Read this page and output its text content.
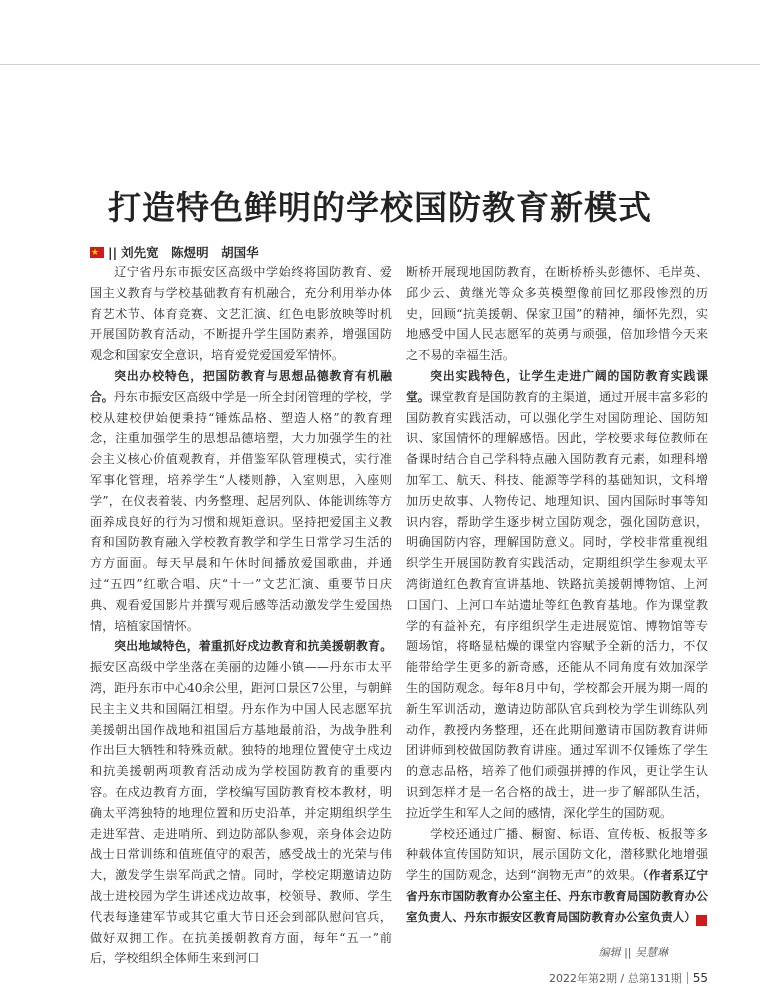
打造特色鲜明的学校国防教育新模式
★|| 刘先宽　陈煜明　胡国华

辽宁省丹东市振安区高级中学始终将国防教育、爱国主义教育与学校基础教育有机融合，充分利用举办体育艺术节、体育竞赛、文艺汇演、红色电影放映等时机开展国防教育活动，不断提升学生国防素养，增强国防观念和国家安全意识，培育爱党爱国爱军情怀。

突出办校特色，把国防教育与思想品德教育有机融合。丹东市振安区高级中学是一所全封闭管理的学校，学校从建校伊始便秉持“锤炼品格、塑造人格”的教育理念，注重加强学生的思想品德培塑，大力加强学生的社会主义核心价值观教育，并借鉴军队管理模式，实行准军事化管理，培养学生“人楼则静，入室则思，入座则学”，在仪表着装、内务整理、起居列队、体能训练等方面养成良好的行为习惯和规矩意识。坚持把爱国主义教育和国防教育融入学校教育教学和学生日常学习生活的方方面面。每天早晨和午休时间播放爱国歌曲，并通过“五四”红歌合唱、庆“十一”文艺汇演、重要节日庆典、观看爱国影片并撰写观后感等活动激发学生爱国热情，培植家国情怀。

突出地域特色，着重抓好戍边教育和抗美援朝教育。振安区高级中学坐落在美丽的边陲小镇——丹东市太平湾，距丹东市中心40余公里，距河口景区7公里，与朝鲜民主主义共和国隔江相望。丹东作为中国人民志愿军抗美援朝出国作战地和祖国后方基地最前沿，为战争胜利作出巨大牺牲和特殊贡献。独特的地理位置使守土戍边和抗美援朝两项教育活动成为学校国防教育的重要内容。在戍边教育方面，学校编写国防教育校本教材，明确太平湾独特的地理位置和历史沿革，并定期组织学生走进军营、走进哨所、到边防部队参观，亲身体会边防战士日常训练和值班值守的艰苦，感受战士的光荣与伟大，激发学生崇军尚武之情。同时，学校定期邀请边防战士进校园为学生讲述戍边故事，校领导、教师、学生代表每逢建军节或其它重大节日还会到部队慰问官兵，做好双拥工作。在抗美援朝教育方面，每年“五一”前后，学校组织全体师生来到河口

断桥开展现地国防教育，在断桥桥头彭德怀、毛岸英、邱少云、黄继光等众多英模塑像前回忆那段惨烈的历史，回顾“抗美援朝、保家卫国”的精神，缅怀先烈，实地感受中国人民志愿军的英勇与顽强，倍加珍惜今天来之不易的幸福生活。

突出实践特色，让学生走进广阔的国防教育实践课堂。课堂教育是国防教育的主渠道，通过开展丰富多彩的国防教育实践活动，可以强化学生对国防理论、国防知识、家国情怀的理解感悟。因此，学校要求每位教师在备课时结合自己学科特点融入国防教育元素，如理科增加军工、航天、科技、能源等学科的基础知识，文科增加历史故事、人物传记、地理知识、国内国际时事等知识内容，帮助学生逐步树立国防观念，强化国防意识，明确国防内容，理解国防意义。同时，学校非常重视组织学生开展国防教育实践活动，定期组织学生参观太平湾街道红色教育宣讲基地、铁路抗美援朝博物馆、上河口国门、上河口车站遗址等红色教育基地。作为课堂教学的有益补充，有序组织学生走进展览馆、博物馆等专题场馆，将略显枯燥的课堂内容赋予全新的活力，不仅能带给学生更多的新奇感，还能从不同角度有效加深学生的国防观念。每年8月中旬，学校都会开展为期一周的新生军训活动，邀请边防部队官兵到校为学生训练队列动作，教授内务整理，还在此期间邀请市国防教育讲师团讲师到校做国防教育讲座。通过军训不仅锤炼了学生的意志品格，培养了他们顽强拼搏的作风，更让学生认识到怎样才是一名合格的战士，进一步了解部队生活，拉近学生和军人之间的感情，深化学生的国防观。

学校还通过广播、橱窗、标语、宣传板、板报等多种载体宣传国防知识，展示国防文化，潜移默化地增强学生的国防观念，达到“润物无声”的效果。（作者系辽宁省丹东市国防教育办公室主任、丹东市教育局国防教育办公室负责人、丹东市振安区教育局国防教育办公室负责人）	G

编辑 || 吴慧琳
2022年第2期 / 总第131期 55
